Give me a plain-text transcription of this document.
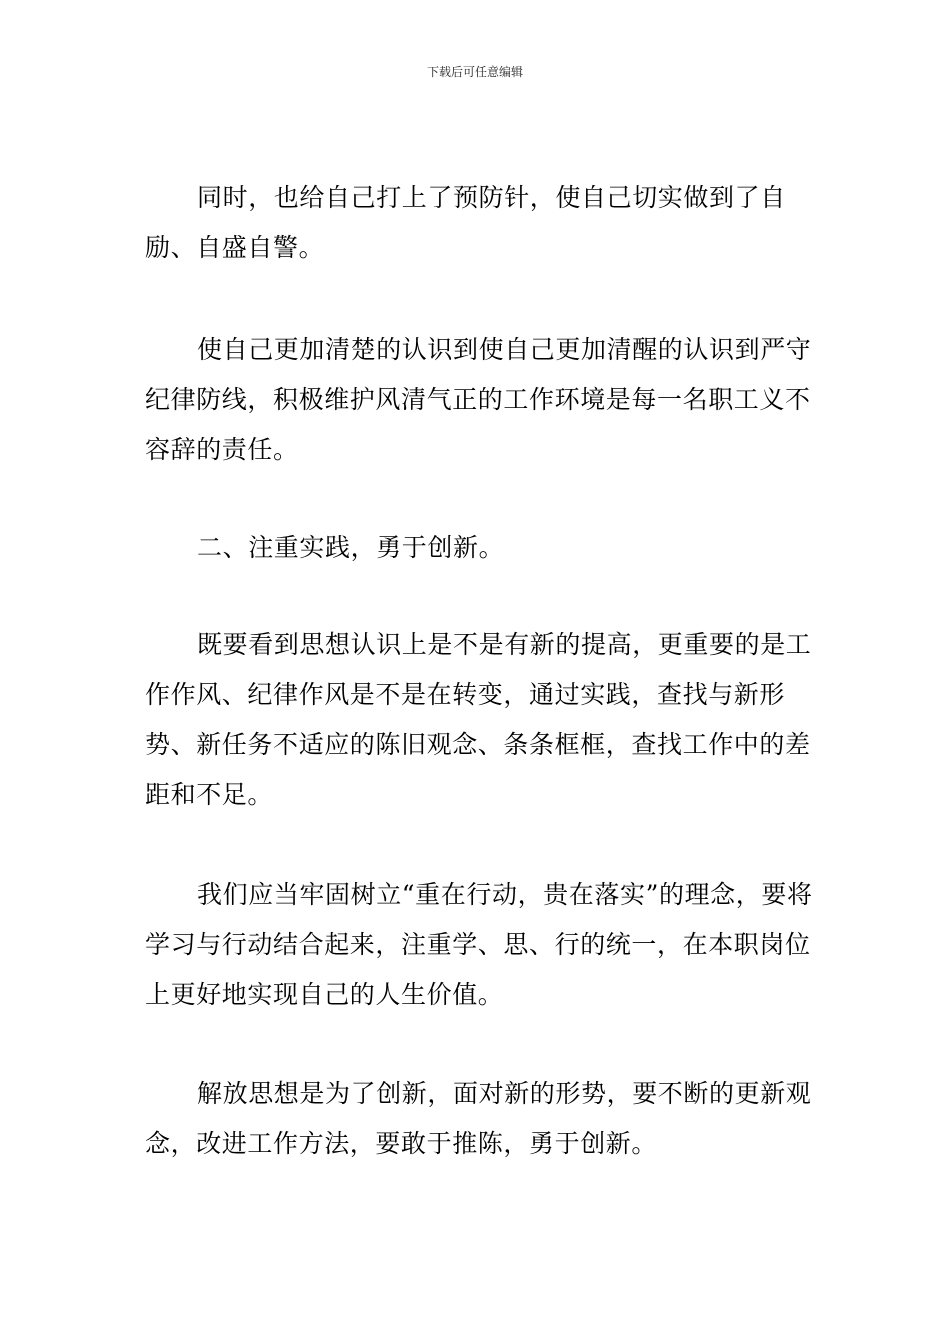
下载后可任意编辑

同时，也给自己打上了预防针，使自己切实做到了自励、自盛自警。

使自己更加清楚的认识到使自己更加清醒的认识到严守纪律防线，积极维护风清气正的工作环境是每一名职工义不容辞的责任。

二、注重实践，勇于创新。

既要看到思想认识上是不是有新的提高，更重要的是工作作风、纪律作风是不是在转变，通过实践，查找与新形势、新任务不适应的陈旧观念、条条框框，查找工作中的差距和不足。

我们应当牢固树立“重在行动，贵在落实”的理念，要将学习与行动结合起来，注重学、思、行的统一，在本职岗位上更好地实现自己的人生价值。

解放思想是为了创新，面对新的形势，要不断的更新观念，改进工作方法，要敢于推陈，勇于创新。
